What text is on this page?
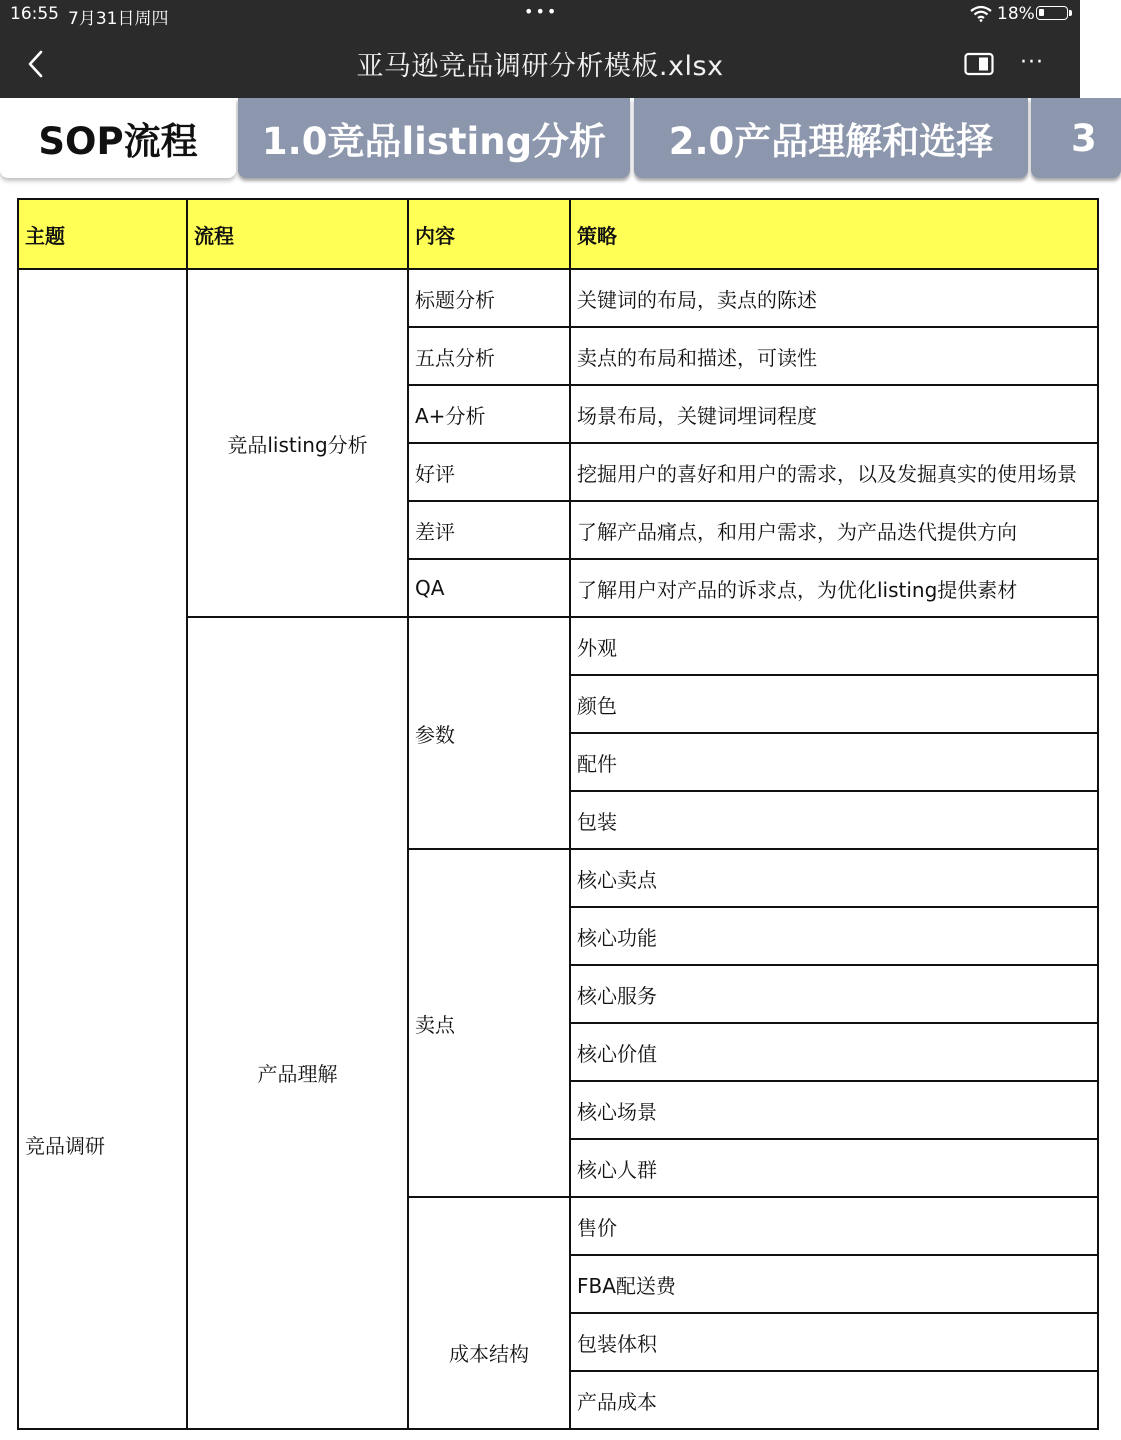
16:55 7月31日周四	•••	18%
亚马逊竞品调研分析模板.xlsx	···
SOP流程	1.0竞品listing分析	2.0产品理解和选择	3
主题	流程	内容	策略
竞品调研	竞品listing分析	标题分析	关键词的布局，卖点的陈述
		五点分析	卖点的布局和描述，可读性
		A+分析	场景布局，关键词埋词程度
		好评	挖掘用户的喜好和用户的需求，以及发掘真实的使用场景
		差评	了解产品痛点，和用户需求，为产品迭代提供方向
		QA	了解用户对产品的诉求点，为优化listing提供素材
	产品理解	参数	外观
			颜色
			配件
			包装
		卖点	核心卖点
			核心功能
			核心服务
			核心价值
			核心场景
			核心人群
		成本结构	售价
			FBA配送费
			包装体积
			产品成本
